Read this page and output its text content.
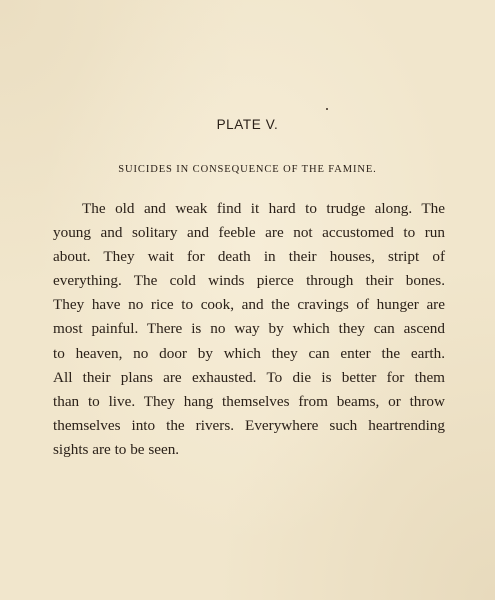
PLATE V.
SUICIDES IN CONSEQUENCE OF THE FAMINE.

The old and weak find it hard to trudge along. The
young and solitary and feeble are not accustomed to run
about. They wait for death in their houses, stript of
everything. The cold winds pierce through their bones.
They have no rice to cook, and the cravings of hunger are
most painful. There is no way by which they can ascend
to heaven, no door by which they can enter the earth.
All their plans are exhausted. To die is better for them
than to live. They hang themselves from beams, or throw
themselves into the rivers. Everywhere such heartrending
sights are to be seen.
